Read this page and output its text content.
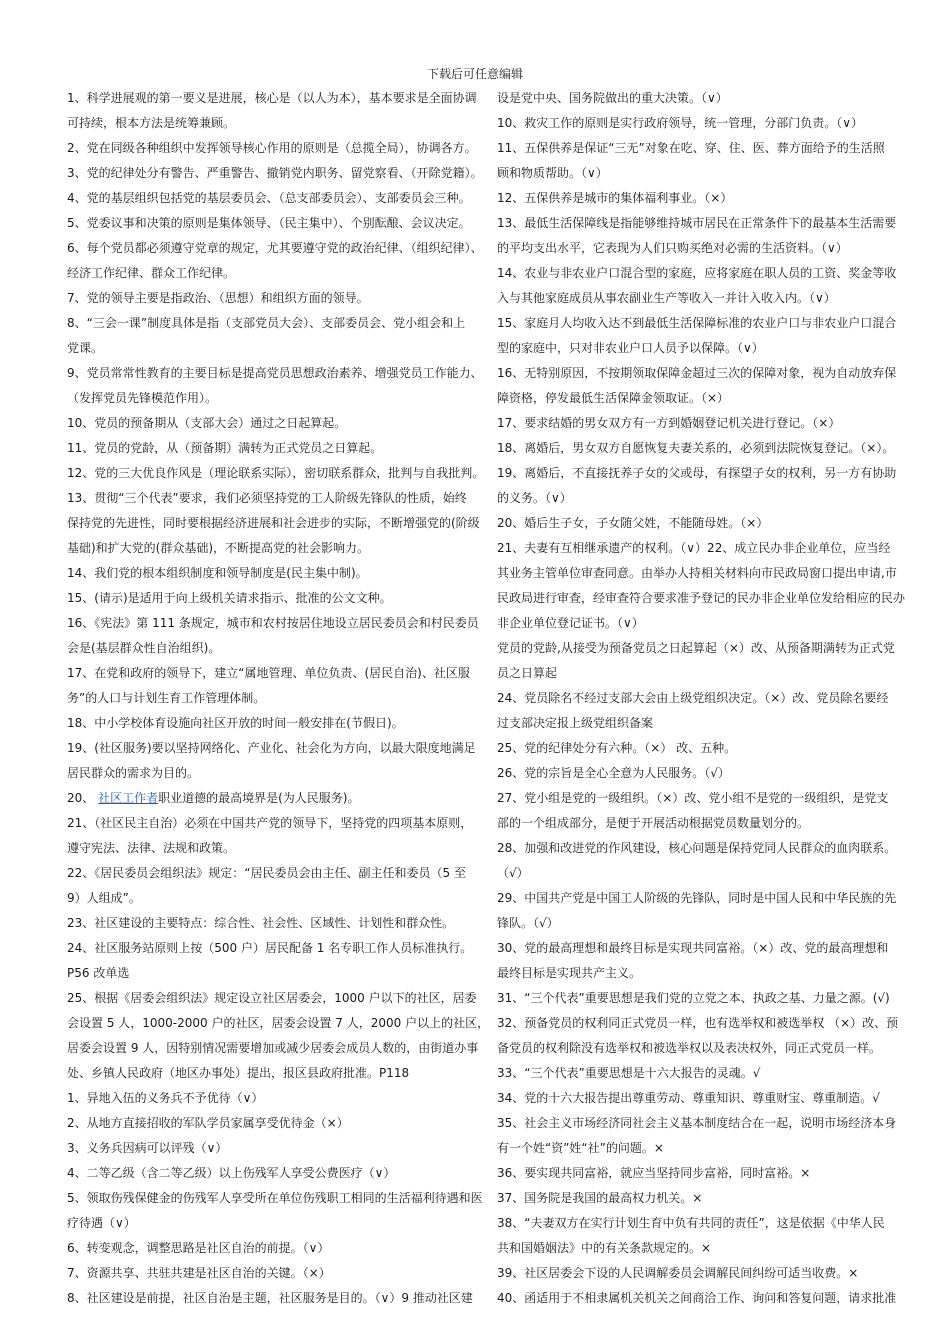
下载后可任意编辑

1、科学进展观的第一要义是进展，核心是（以人为本），基本要求是全面协调

可持续，根本方法是统筹兼顾。

2、党在同级各种组织中发挥领导核心作用的原则是（总揽全局），协调各方。

3、党的纪律处分有警告、严重警告、撤销党内职务、留党察看、（开除党籍）。

4、党的基层组织包括党的基层委员会、（总支部委员会）、支部委员会三种。

5、党委议事和决策的原则是集体领导、（民主集中）、个别酝酿、会议决定。

6、每个党员都必须遵守党章的规定，尤其要遵守党的政治纪律、（组织纪律）、

经济工作纪律、群众工作纪律。

7、党的领导主要是指政治、（思想）和组织方面的领导。

8、“三会一课”制度具体是指（支部党员大会）、支部委员会、党小组会和上

党课。

9、党员常常性教育的主要目标是提高党员思想政治素养、增强党员工作能力、

（发挥党员先锋模范作用）。

10、党员的预备期从（支部大会）通过之日起算起。

11、党员的党龄，从（预备期）满转为正式党员之日算起。

12、党的三大优良作风是（理论联系实际），密切联系群众，批判与自我批判。

13、贯彻“三个代表”要求，我们必须坚持党的工人阶级先锋队的性质，始终

保持党的先进性，同时要根据经济进展和社会进步的实际，不断增强党的(阶级

基础)和扩大党的(群众基础)，不断提高党的社会影响力。

14、我们党的根本组织制度和领导制度是(民主集中制)。

15、(请示)是适用于向上级机关请求指示、批准的公文文种。

16、《宪法》第 111 条规定，城市和农村按居住地设立居民委员会和村民委员

会是(基层群众性自治组织)。

17、在党和政府的领导下，建立“属地管理、单位负责、(居民自治)、社区服

务”的人口与计划生育工作管理体制。

18、中小学校体育设施向社区开放的时间一般安排在(节假日)。

19、(社区服务)要以坚持网络化、产业化、社会化为方向，以最大限度地满足

居民群众的需求为目的。

20、 社区工作者职业道德的最高境界是(为人民服务)。

21、（社区民主自治）必须在中国共产党的领导下，坚持党的四项基本原则，

遵守宪法、法律、法规和政策。

22、《居民委员会组织法》规定：“居民委员会由主任、副主任和委员（5 至

9）人组成”。

23、社区建设的主要特点：综合性、社会性、区域性、计划性和群众性。

24、社区服务站原则上按（500 户）居民配备 1 名专职工作人员标准执行。

P56 改单选

25、根据《居委会组织法》规定设立社区居委会，1000 户以下的社区，居委

会设置 5 人，1000-2000 户的社区，居委会设置 7 人，2000 户以上的社区，

居委会设置 9 人，因特别情况需要增加或减少居委会成员人数的，由街道办事

处、乡镇人民政府（地区办事处）提出，报区县政府批准。P118

1、异地入伍的义务兵不予优待（∨）

2、从地方直接招收的军队学员家属享受优待金（×）

3、义务兵因病可以评残（∨）

4、二等乙级（含二等乙级）以上伤残军人享受公费医疗（∨）

5、领取伤残保健金的伤残军人享受所在单位伤残职工相同的生活福利待遇和医

疗待遇（∨）

6、转变观念，调整思路是社区自治的前提。（∨）

7、资源共享、共驻共建是社区自治的关键。（×）

8、社区建设是前提，社区自治是主题，社区服务是目的。（∨）9 推动社区建

设是党中央、国务院做出的重大决策。（∨）

10、救灾工作的原则是实行政府领导，统一管理，分部门负责。（∨）

11、五保供养是保证“三无”对象在吃、穿、住、医、葬方面给予的生活照

顾和物质帮助。（∨）

12、五保供养是城市的集体福利事业。（×）

13、最低生活保障线是指能够维持城市居民在正常条件下的最基本生活需要

的平均支出水平，它表现为人们只购买绝对必需的生活资料。（∨）

14、农业与非农业户口混合型的家庭，应将家庭在职人员的工资、奖金等收

入与其他家庭成员从事农副业生产等收入一并计入收入内。（∨）

15、家庭月人均收入达不到最低生活保障标准的农业户口与非农业户口混合

型的家庭中，只对非农业户口人员予以保障。（∨）

16、无特别原因，不按期领取保障金超过三次的保障对象，视为自动放弃保

障资格，停发最低生活保障金领取证。（×）

17、要求结婚的男女双方有一方到婚姻登记机关进行登记。（×）

18、离婚后，男女双方自愿恢复夫妻关系的，必须到法院恢复登记。（×）。

19、离婚后，不直接抚养子女的父或母，有探望子女的权利，另一方有协助

的义务。（∨）

20、婚后生子女，子女随父姓，不能随母姓。（×）

21、夫妻有互相继承遗产的权利。（∨）22、成立民办非企业单位，应当经

其业务主管单位审查同意。由举办人持相关材料向市民政局窗口提出申请,市

民政局进行审查，经审查符合要求准予登记的民办非企业单位发给相应的民办

非企业单位登记证书。（∨）

党员的党龄,从接受为预备党员之日起算起（×）改、从预备期满转为正式党

员之日算起

24、党员除名不经过支部大会由上级党组织决定。（×）改、党员除名要经

过支部决定报上级党组织备案

25、党的纪律处分有六种。（×） 改、五种。

26、党的宗旨是全心全意为人民服务。（√）

27、党小组是党的一级组织。（×）改、党小组不是党的一级组织，是党支

部的一个组成部分，是便于开展活动根据党员数量划分的。

28、加强和改进党的作风建设，核心问题是保持党同人民群众的血肉联系。

（√）

29、中国共产党是中国工人阶级的先锋队，同时是中国人民和中华民族的先

锋队。（√）

30、党的最高理想和最终目标是实现共同富裕。（×）改、党的最高理想和

最终目标是实现共产主义。

31、“三个代表”重要思想是我们党的立党之本、执政之基、力量之源。(√)

32、预备党员的权利同正式党员一样，也有选举权和被选举权 （×）改、预

备党员的权利除没有选举权和被选举权以及表决权外，同正式党员一样。

33、“三个代表”重要思想是十六大报告的灵魂。√

34、党的十六大报告提出尊重劳动、尊重知识、尊重财宝、尊重制造。√

35、社会主义市场经济同社会主义基本制度结合在一起，说明市场经济本身

有一个姓“资”姓“社”的问题。×

36、要实现共同富裕，就应当坚持同步富裕，同时富裕。×

37、国务院是我国的最高权力机关。×

38、“夫妻双方在实行计划生育中负有共同的责任”，这是依据《中华人民

共和国婚姻法》中的有关条款规定的。×

39、社区居委会下设的人民调解委员会调解民间纠纷可适当收费。×

40、函适用于不相隶属机关机关之间商洽工作、询问和答复问题，请求批准
